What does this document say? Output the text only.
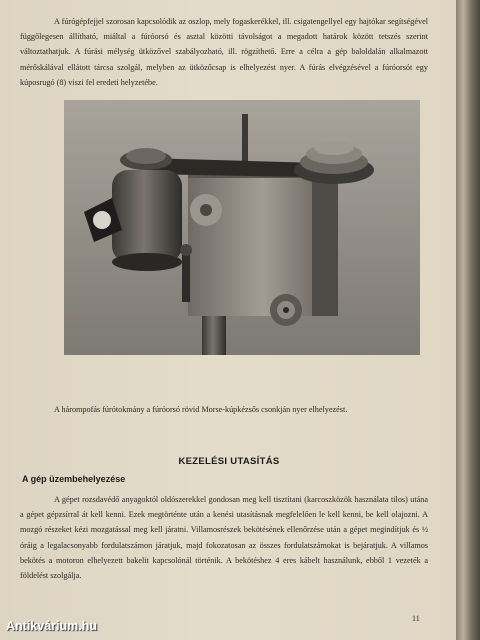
A fúrógépfejjel szorosan kapcsolódik az oszlop, mely fogaskerékkel, ill. csigatengellyel egy hajtókar segítségével függőlegesen állítható, miáltal a fúróorsó és asztal közötti távolságot a megadott határok között tetszés szerint változtathatjuk. A fúrási mélység ütközővel szabályozható, ill. rögzíthető. Erre a célra a gép baloldalán alkalmazott mérőskálával ellátott tárcsa szolgál, melyben az ütközőcsap is elhelyezést nyer. A fúrás elvégzésével a fúróorsót egy kúposrugó (8) viszi fel eredeti helyzetébe.

A hárompofás fúrótokmány a fúróorsó rövid Morse-kúpkézsős csonkján nyer elhelyezést.

KEZELÉSI UTASÍTÁS
A gép üzembehelyezése

A gépet rozsdavédő anyagoktól oldószerekkel gondosan meg kell tisztítani (karcoszközök használata tilos) utána a gépet gépzsírral át kell kenni. Ezek megtörténte után a kenési utasításnak megfelelően le kell kenni, be kell olajozni. A mozgó részeket kézi mozgatással meg kell járatni. Villamosrészek bekötésének ellenőrzése után a gépet megindítjuk és ½ óráig a legalacsonyabb fordulatszámon járatjuk, majd fokozatosan az összes fordulatszámokat is bejáratjuk. A villamos bekötés a motoron elhelyezett bakelit kapcsolónál történik. A bekötéshez 4 eres kábelt használunk, ebből 1 vezeték a földelést szolgálja.

11
Antikvárium.hu
